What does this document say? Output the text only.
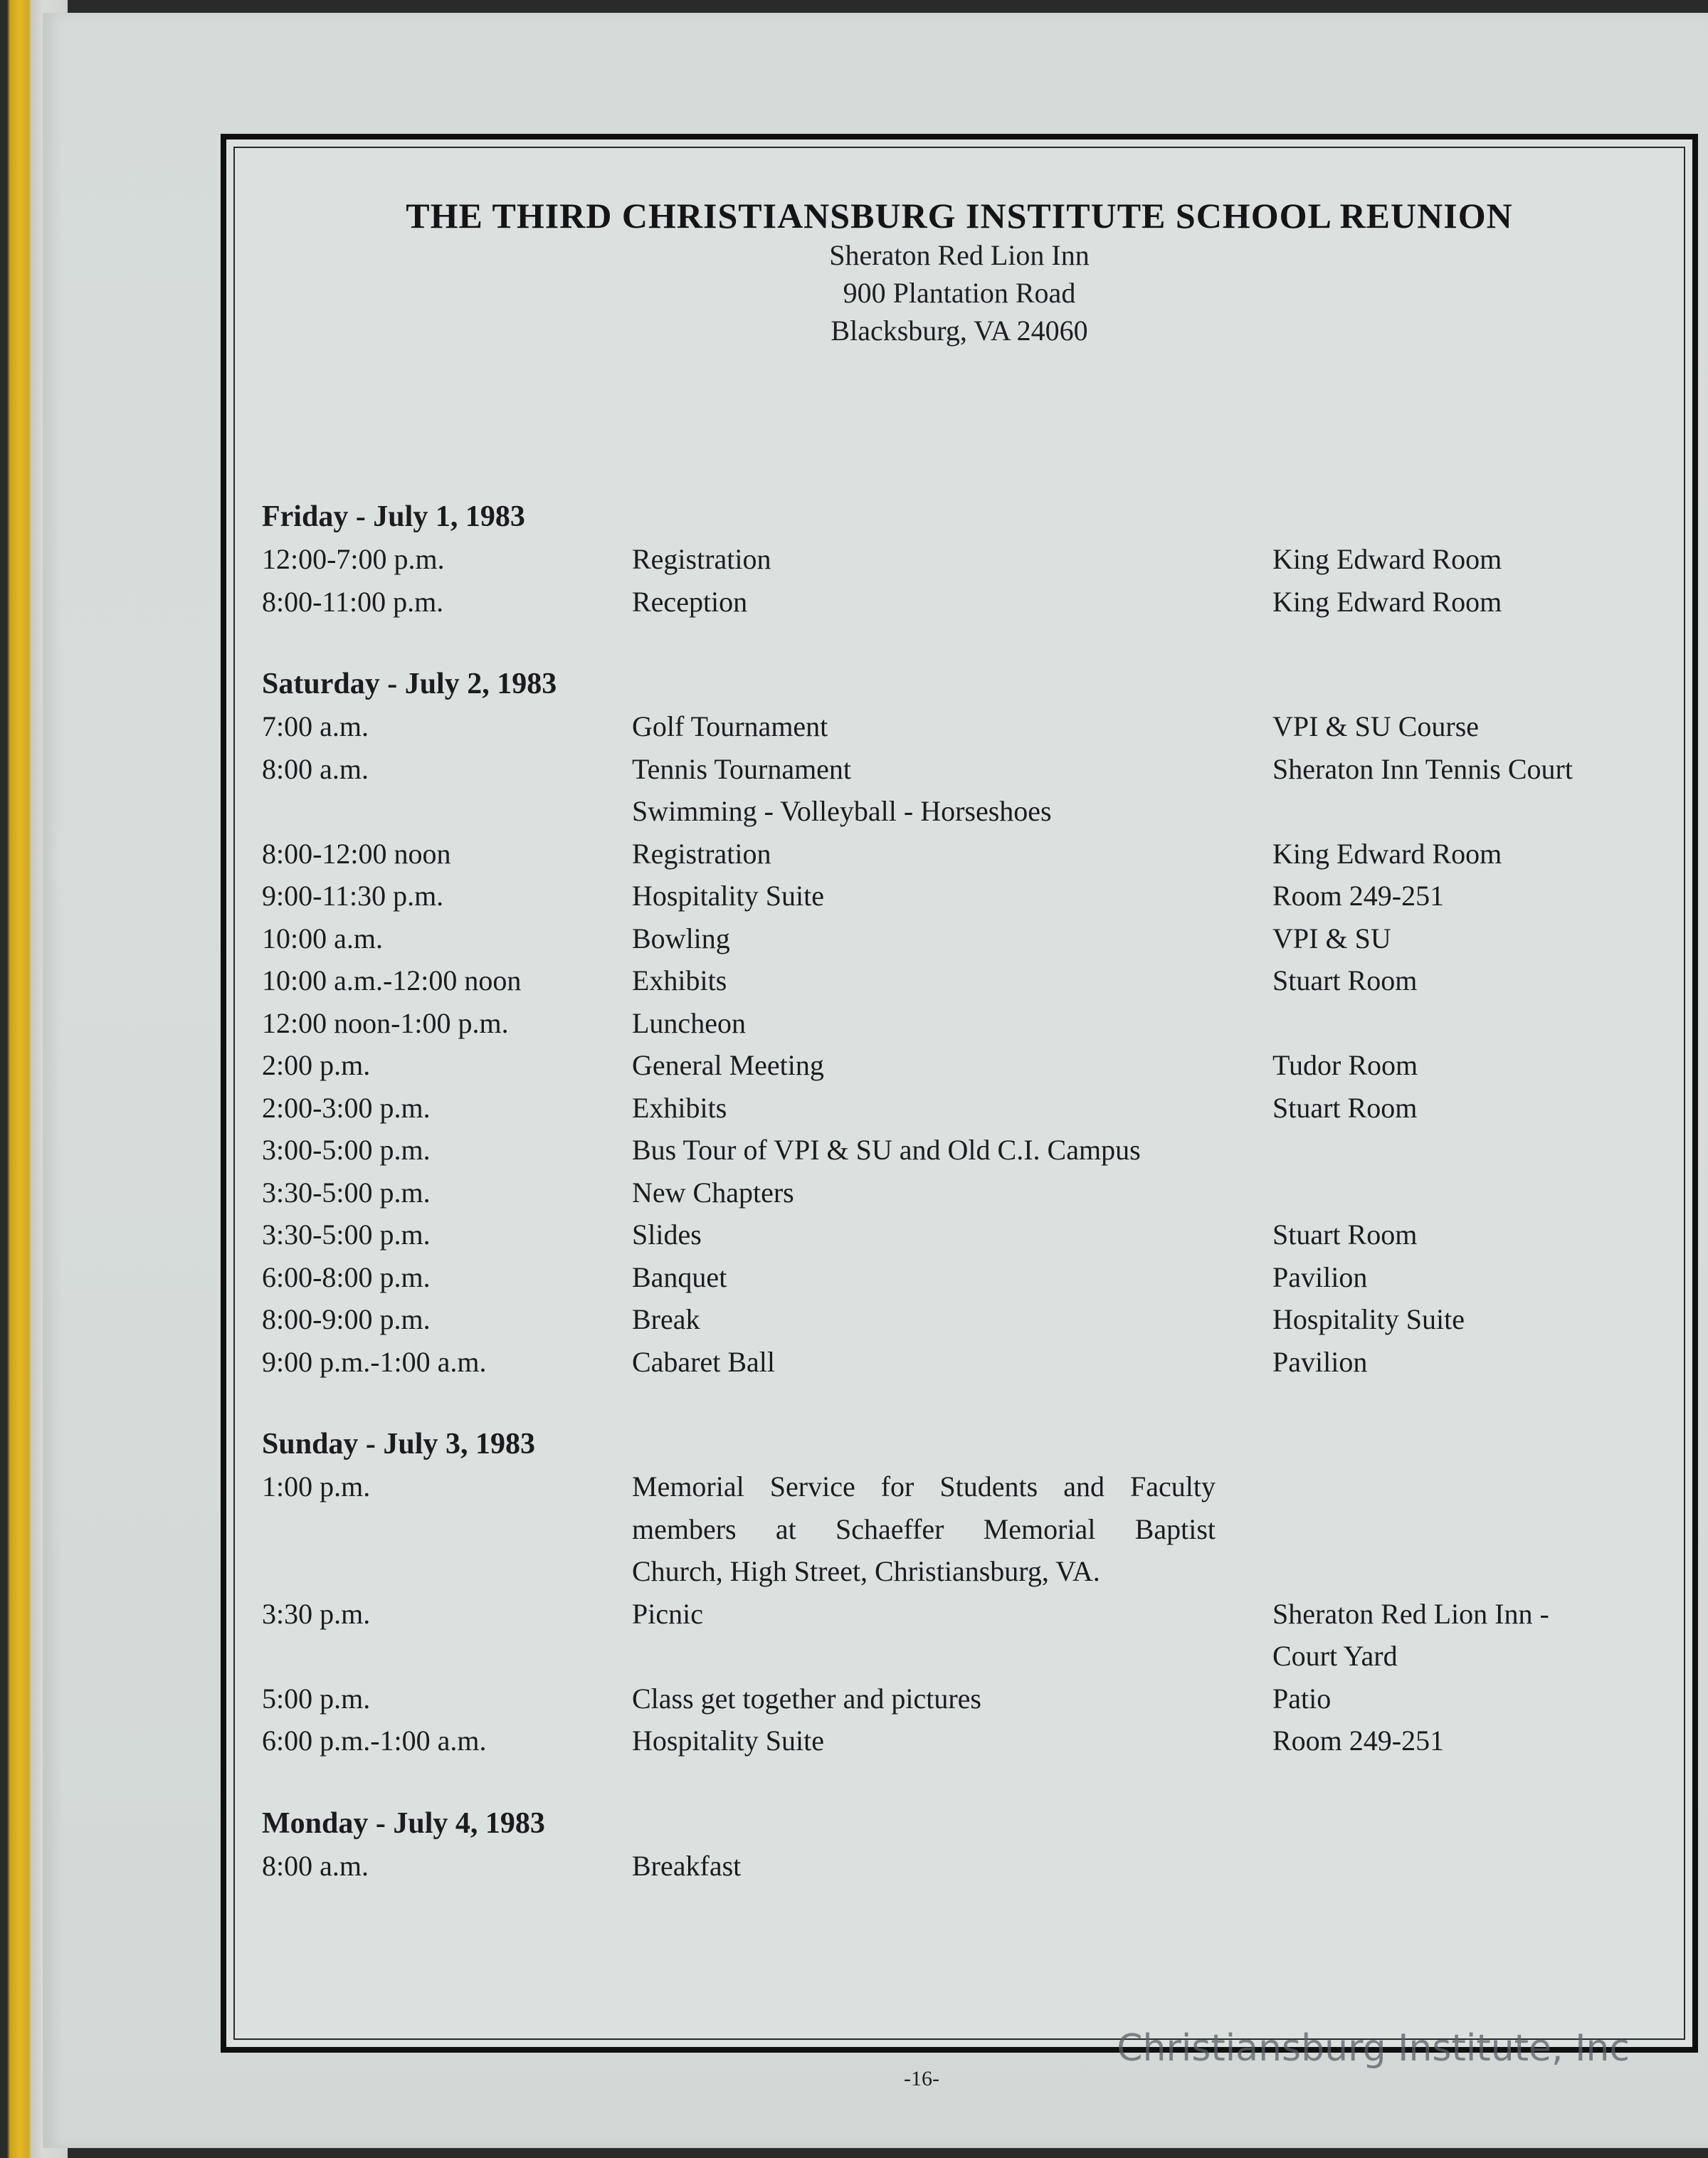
THE THIRD CHRISTIANSBURG INSTITUTE SCHOOL REUNION
Sheraton Red Lion Inn
900 Plantation Road
Blacksburg, VA 24060
Friday - July 1, 1983
12:00-7:00 p.m.	Registration	King Edward Room
8:00-11:00 p.m.	Reception	King Edward Room
Saturday - July 2, 1983
7:00 a.m.	Golf Tournament	VPI & SU Course
8:00 a.m.	Tennis Tournament	Sheraton Inn Tennis Court
Swimming - Volleyball - Horseshoes
8:00-12:00 noon	Registration	King Edward Room
9:00-11:30 p.m.	Hospitality Suite	Room 249-251
10:00 a.m.	Bowling	VPI & SU
10:00 a.m.-12:00 noon	Exhibits	Stuart Room
12:00 noon-1:00 p.m.	Luncheon
2:00 p.m.	General Meeting	Tudor Room
2:00-3:00 p.m.	Exhibits	Stuart Room
3:00-5:00 p.m.	Bus Tour of VPI & SU and Old C.I. Campus
3:30-5:00 p.m.	New Chapters
3:30-5:00 p.m.	Slides	Stuart Room
6:00-8:00 p.m.	Banquet	Pavilion
8:00-9:00 p.m.	Break	Hospitality Suite
9:00 p.m.-1:00 a.m.	Cabaret Ball	Pavilion
Sunday - July 3, 1983
1:00 p.m.	Memorial Service for Students and Faculty
members at Schaeffer Memorial Baptist
Church, High Street, Christiansburg, VA.
3:30 p.m.	Picnic	Sheraton Red Lion Inn -
Court Yard
5:00 p.m.	Class get together and pictures	Patio
6:00 p.m.-1:00 a.m.	Hospitality Suite	Room 249-251
Monday - July 4, 1983
8:00 a.m.	Breakfast
-16-
Christiansburg Institute, Inc
